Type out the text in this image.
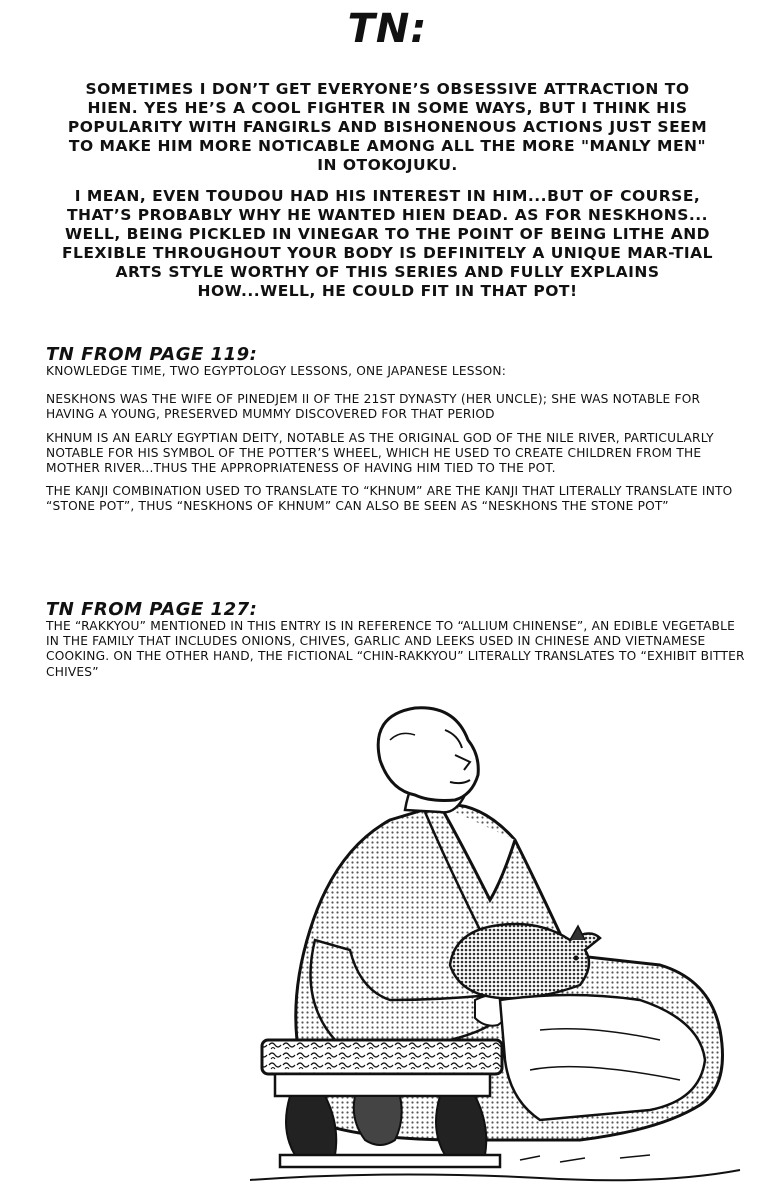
TN:

SOMETIMES I DON’T GET EVERYONE’S OBSESSIVE ATTRACTION TO HIEN. YES HE’S A COOL FIGHTER IN SOME WAYS, BUT I THINK HIS POPULARITY WITH FANGIRLS AND BISHONENOUS ACTIONS JUST SEEM TO MAKE HIM MORE NOTICABLE AMONG ALL THE MORE "MANLY MEN" IN OTOKOJUKU.

I MEAN, EVEN TOUDOU HAD HIS INTEREST IN HIM...BUT OF COURSE, THAT’S PROBABLY WHY HE WANTED HIEN DEAD. AS FOR NESKHONS... WELL, BEING PICKLED IN VINEGAR TO THE POINT OF BEING LITHE AND FLEXIBLE THROUGHOUT YOUR BODY IS DEFINITELY A UNIQUE MAR-TIAL ARTS STYLE WORTHY OF THIS SERIES AND FULLY EXPLAINS HOW...WELL, HE COULD FIT IN THAT POT!

TN FROM PAGE 119:

KNOWLEDGE TIME, TWO EGYPTOLOGY LESSONS, ONE JAPANESE LESSON:

NESKHONS WAS THE WIFE OF PINEDJEM II OF THE 21ST DYNASTY (HER UNCLE); SHE WAS NOTABLE FOR HAVING A YOUNG, PRESERVED MUMMY DISCOVERED FOR THAT PERIOD

KHNUM IS AN EARLY EGYPTIAN DEITY, NOTABLE AS THE ORIGINAL GOD OF THE NILE RIVER, PARTICULARLY NOTABLE FOR HIS SYMBOL OF THE POTTER’S WHEEL, WHICH HE USED TO CREATE CHILDREN FROM THE MOTHER RIVER...THUS THE APPROPRIATENESS OF HAVING HIM TIED TO THE POT.

THE KANJI COMBINATION USED TO TRANSLATE TO “KHNUM” ARE THE KANJI THAT LITERALLY TRANSLATE INTO “STONE POT”, THUS “NESKHONS OF KHNUM” CAN ALSO BE SEEN AS “NESKHONS THE STONE POT”

TN FROM PAGE 127:

THE “RAKKYOU” MENTIONED IN THIS ENTRY IS IN REFERENCE TO “ALLIUM CHINENSE”, AN EDIBLE VEGETABLE IN THE FAMILY THAT INCLUDES ONIONS, CHIVES, GARLIC AND LEEKS USED IN CHINESE AND VIETNAMESE COOKING. ON THE OTHER HAND, THE FICTIONAL “CHIN-RAKKYOU” LITERALLY TRANSLATES TO “EXHIBIT BITTER CHIVES”
